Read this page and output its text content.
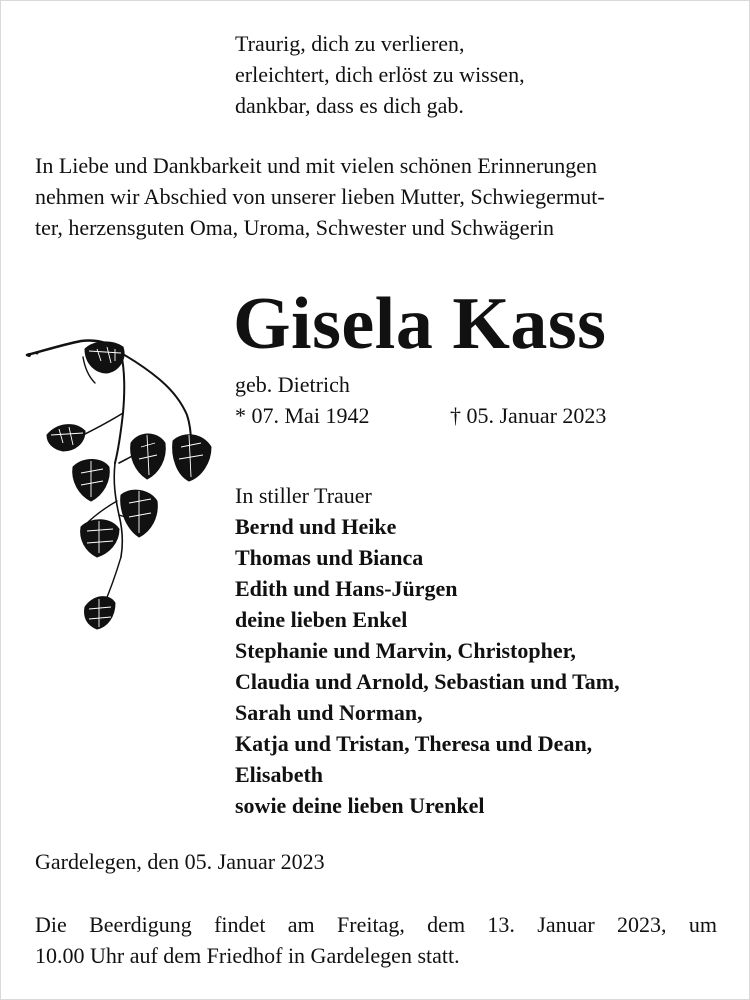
Traurig, dich zu verlieren,
erleichtert, dich erlöst zu wissen,
dankbar, dass es dich gab.
In Liebe und Dankbarkeit und mit vielen schönen Erinnerungen
nehmen wir Abschied von unserer lieben Mutter, Schwiegermut-
ter, herzensguten Oma, Uroma, Schwester und Schwägerin
Gisela Kass
geb. Dietrich
* 07. Mai 1942	† 05. Januar 2023
In stiller Trauer
Bernd und Heike
Thomas und Bianca
Edith und Hans-Jürgen
deine lieben Enkel
Stephanie und Marvin, Christopher,
Claudia und Arnold, Sebastian und Tam,
Sarah und Norman,
Katja und Tristan, Theresa und Dean,
Elisabeth
sowie deine lieben Urenkel
Gardelegen, den 05. Januar 2023
Die Beerdigung findet am Freitag, dem 13. Januar 2023, um
10.00 Uhr auf dem Friedhof in Gardelegen statt.
